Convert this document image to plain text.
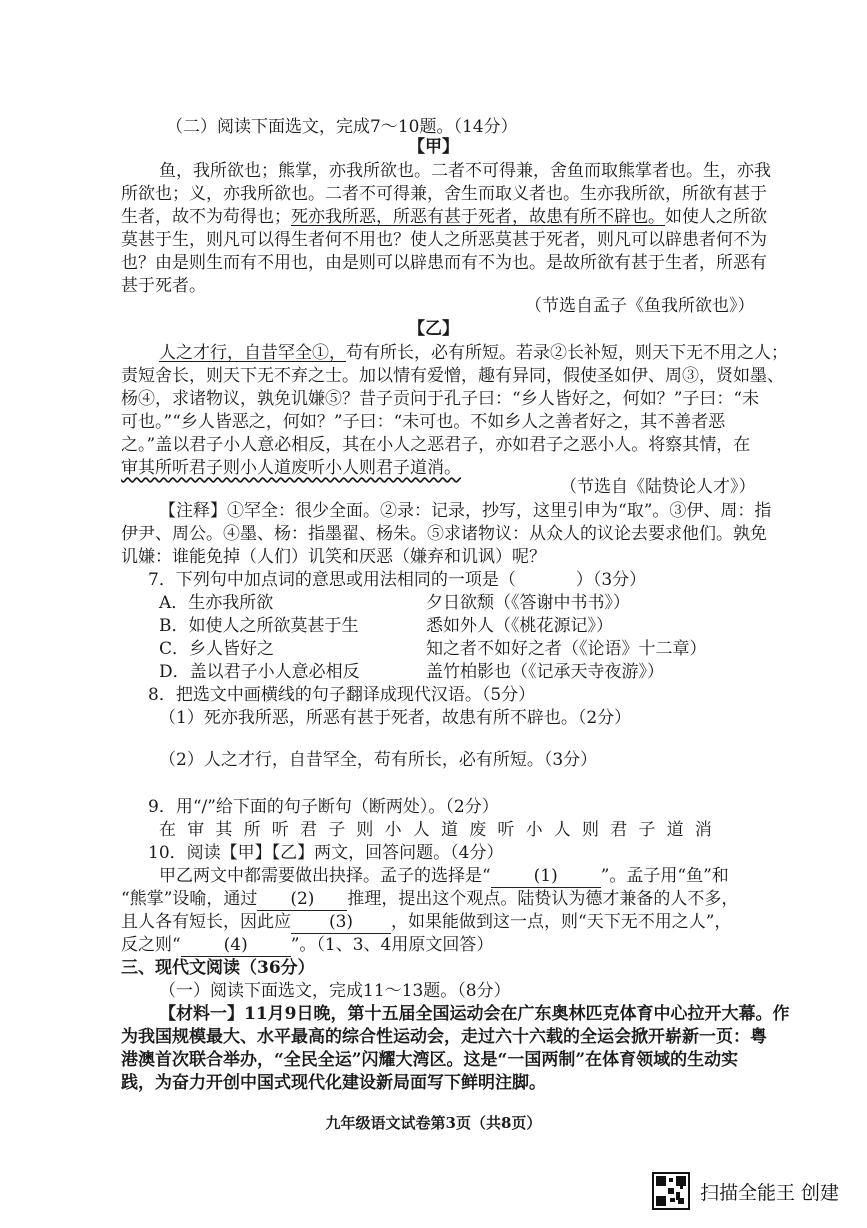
（二）阅读下面选文，完成7～10题。（14分）
【甲】
鱼，我所欲也；熊掌，亦我所欲也。二者不可得兼，舍鱼而取熊掌者也。生，亦我
所欲也；义，亦我所欲也。二者不可得兼，舍生而取义者也。生亦我所欲，所欲有甚于
生者，故不为苟得也；死亦我所恶，所恶有甚于死者，故患有所不辟也。如使人之所欲
莫甚于生，则凡可以得生者何不用也？使人之所恶莫甚于死者，则凡可以辟患者何不为
也？由是则生而有不用也，由是则可以辟患而有不为也。是故所欲有甚于生者，所恶有
甚于死者。
（节选自孟子《鱼我所欲也》）
【乙】
人之才行，自昔罕全①，苟有所长，必有所短。若录②长补短，则天下无不用之人；
责短舍长，则天下无不弃之士。加以情有爱憎，趣有异同，假使圣如伊、周③，贤如墨、
杨④，求诸物议，孰免讥嫌⑤？昔子贡问于孔子曰：“乡人皆好之，何如？”子曰：“未
可也。”“乡人皆恶之，何如？”子曰：“未可也。不如乡人之善者好之，其不善者恶
之。”盖以君子小人意必相反，其在小人之恶君子，亦如君子之恶小人。将察其情，在
审其所听君子则小人道废听小人则君子道消。
（节选自《陆贽论人才》）
【注释】①罕全：很少全面。②录：记录，抄写，这里引申为“取”。③伊、周：指
伊尹、周公。④墨、杨：指墨翟、杨朱。⑤求诸物议：从众人的议论去要求他们。孰免
讥嫌：谁能免掉（人们）讥笑和厌恶（嫌弃和讥讽）呢？
7．下列句中加点词的意思或用法相同的一项是（	）（3分）
A．生亦我所欲	夕日欲颓（《答谢中书书》）
B．如使人之所欲莫甚于生	悉如外人（《桃花源记》）
C．乡人皆好之	知之者不如好之者（《论语》十二章）
D．盖以君子小人意必相反	盖竹柏影也（《记承天寺夜游》）
8．把选文中画横线的句子翻译成现代汉语。（5分）
（1）死亦我所恶，所恶有甚于死者，故患有所不辟也。（2分）
（2）人之才行，自昔罕全，苟有所长，必有所短。（3分）
9．用“/”给下面的句子断句（断两处）。（2分）
在审其所听君子则小人道废听小人则君子道消
10．阅读【甲】【乙】两文，回答问题。（4分）
甲乙两文中都需要做出抉择。孟子的选择是“	(1)	”。孟子用“鱼”和
“熊掌”设喻，通过 (2) 推理，提出这个观点。陆贽认为德才兼备的人不多，
且人各有短长，因此应 (3) ，如果能做到这一点，则“天下无不用之人”，
反之则“	(4)	”。（1、3、4用原文回答）
三、现代文阅读（36分）
（一）阅读下面选文，完成11～13题。（8分）
【材料一】11月9日晚，第十五届全国运动会在广东奥林匹克体育中心拉开大幕。作
为我国规模最大、水平最高的综合性运动会，走过六十六载的全运会掀开崭新一页：粤
港澳首次联合举办，“全民全运”闪耀大湾区。这是“一国两制”在体育领域的生动实
践，为奋力开创中国式现代化建设新局面写下鲜明注脚。
九年级语文试卷第3页（共8页）
扫描全能王 创建
